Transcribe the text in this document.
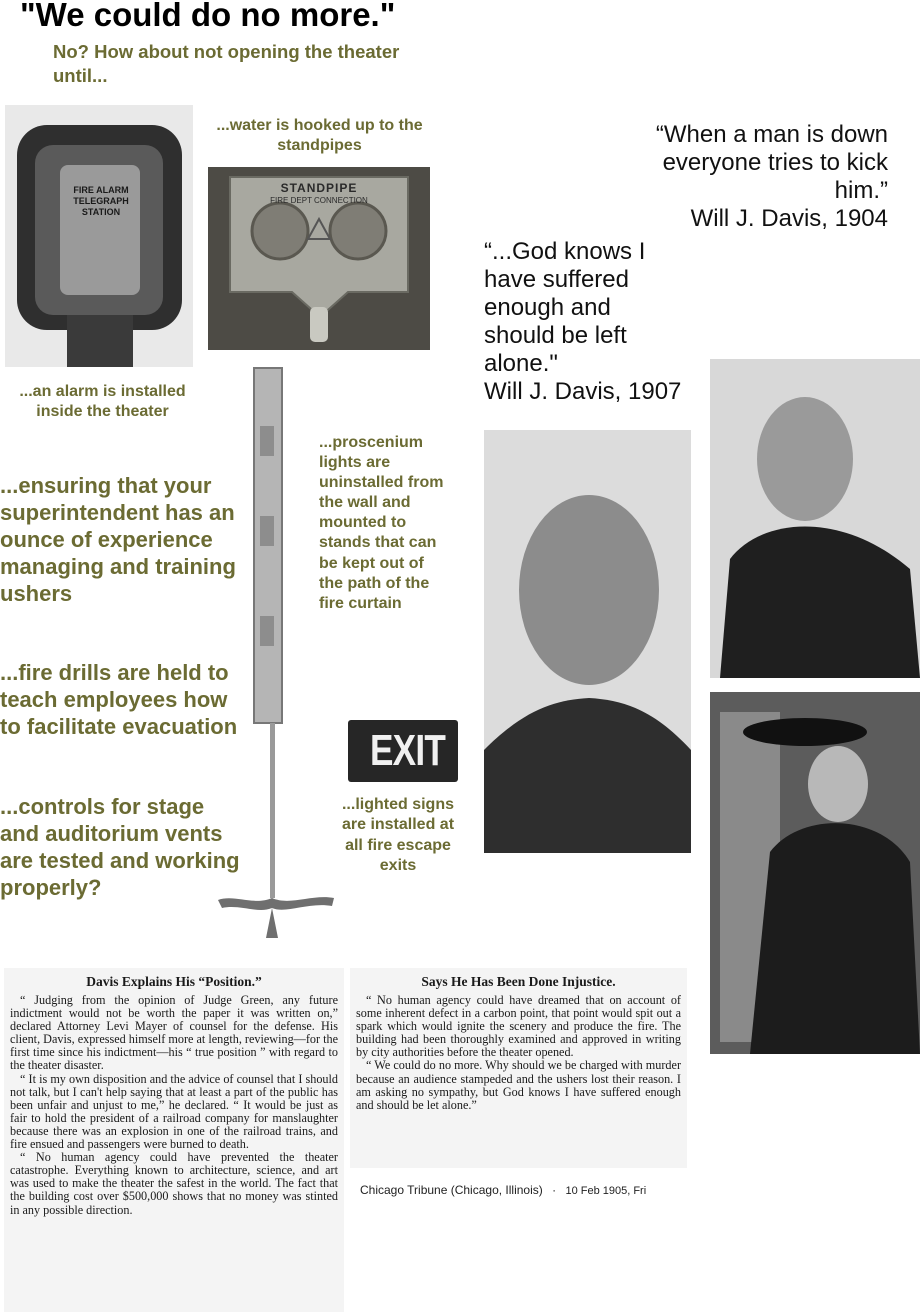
"We could do no more."
No? How about not opening the theater until...
FIRE ALARM TELEGRAPH STATION
...water is hooked up to the standpipes
STANDPIPE
FIRE DEPT CONNECTION
...an alarm is installed inside the theater
...ensuring that your superintendent has an ounce of experience managing and training ushers
...fire drills are held to teach employees how to facilitate evacuation
...controls for stage and auditorium vents are tested and working properly?
...proscenium lights are uninstalled from the wall and mounted to stands that can be kept out of the path of the fire curtain
EXIT
...lighted signs are installed at all fire escape exits
“When a man is down everyone tries to kick him.”
Will J. Davis, 1904
“...God knows I have suffered enough and should be left alone."
Will J. Davis, 1907
Davis Explains His “Position.”

“ Judging from the opinion of Judge Green, any future indictment would not be worth the paper it was written on,” declared Attorney Levi Mayer of counsel for the defense. His client, Davis, expressed himself more at length, reviewing—for the first time since his indictment—his “ true position ” with regard to the theater disaster.

“ It is my own disposition and the advice of counsel that I should not talk, but I can't help saying that at least a part of the public has been unfair and unjust to me,” he declared. “ It would be just as fair to hold the president of a railroad company for manslaughter because there was an explosion in one of the railroad trains, and fire ensued and passengers were burned to death.

“ No human agency could have prevented the theater catastrophe. Everything known to architecture, science, and art was used to make the theater the safest in the world. The fact that the building cost over $500,000 shows that no money was stinted in any possible direction.

Says He Has Been Done Injustice.

“ No human agency could have dreamed that on account of some inherent defect in a carbon point, that point would spit out a spark which would ignite the scenery and produce the fire. The building had been thoroughly examined and approved in writing by city authorities before the theater opened.

“ We could do no more. Why should we be charged with murder because an audience stampeded and the ushers lost their reason. I am asking no sympathy, but God knows I have suffered enough and should be let alone.”

Chicago Tribune (Chicago, Illinois) · 10 Feb 1905, Fri
